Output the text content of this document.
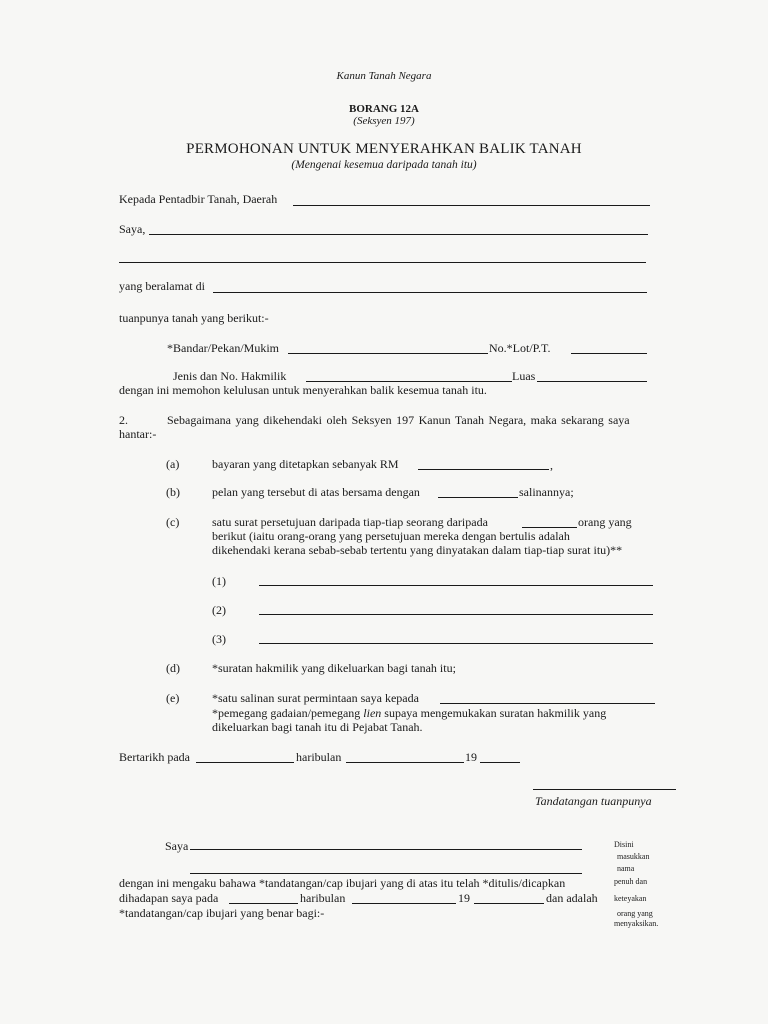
Kanun Tanah Negara
BORANG 12A
(Seksyen 197)
PERMOHONAN UNTUK MENYERAHKAN BALIK TANAH
(Mengenai kesemua daripada tanah itu)
Kepada Pentadbir Tanah, Daerah
Saya,
yang beralamat di
tuanpunya tanah yang berikut:-
*Bandar/Pekan/Mukim	No.*Lot/P.T.
Jenis dan No. Hakmilik	Luas
dengan ini memohon kelulusan untuk menyerahkan balik kesemua tanah itu.
2.	Sebagaimana yang dikehendaki oleh Seksyen 197 Kanun Tanah Negara, maka sekarang saya
hantar:-
(a)	bayaran yang ditetapkan sebanyak RM	,
(b)	pelan yang tersebut di atas bersama dengan	salinannya;
(c)	satu surat persetujuan daripada tiap-tiap seorang daripada	orang yang
berikut (iaitu orang-orang yang persetujuan mereka dengan bertulis adalah
dikehendaki kerana sebab-sebab tertentu yang dinyatakan dalam tiap-tiap surat itu)**
(1)
(2)
(3)
(d)	*suratan hakmilik yang dikeluarkan bagi tanah itu;
(e)	*satu salinan surat permintaan saya kepada
*pemegang gadaian/pemegang lien supaya mengemukakan suratan hakmilik yang
dikeluarkan bagi tanah itu di Pejabat Tanah.
Bertarikh pada	haribulan	19
Tandatangan tuanpunya
Saya
dengan ini mengaku bahawa *tandatangan/cap ibujari yang di atas itu telah *ditulis/dicapkan
dihadapan saya pada	haribulan	19	dan adalah
*tandatangan/cap ibujari yang benar bagi:-
Disini
masukkan
nama
penuh dan
keteyakan
orang yang
menyaksikan.
